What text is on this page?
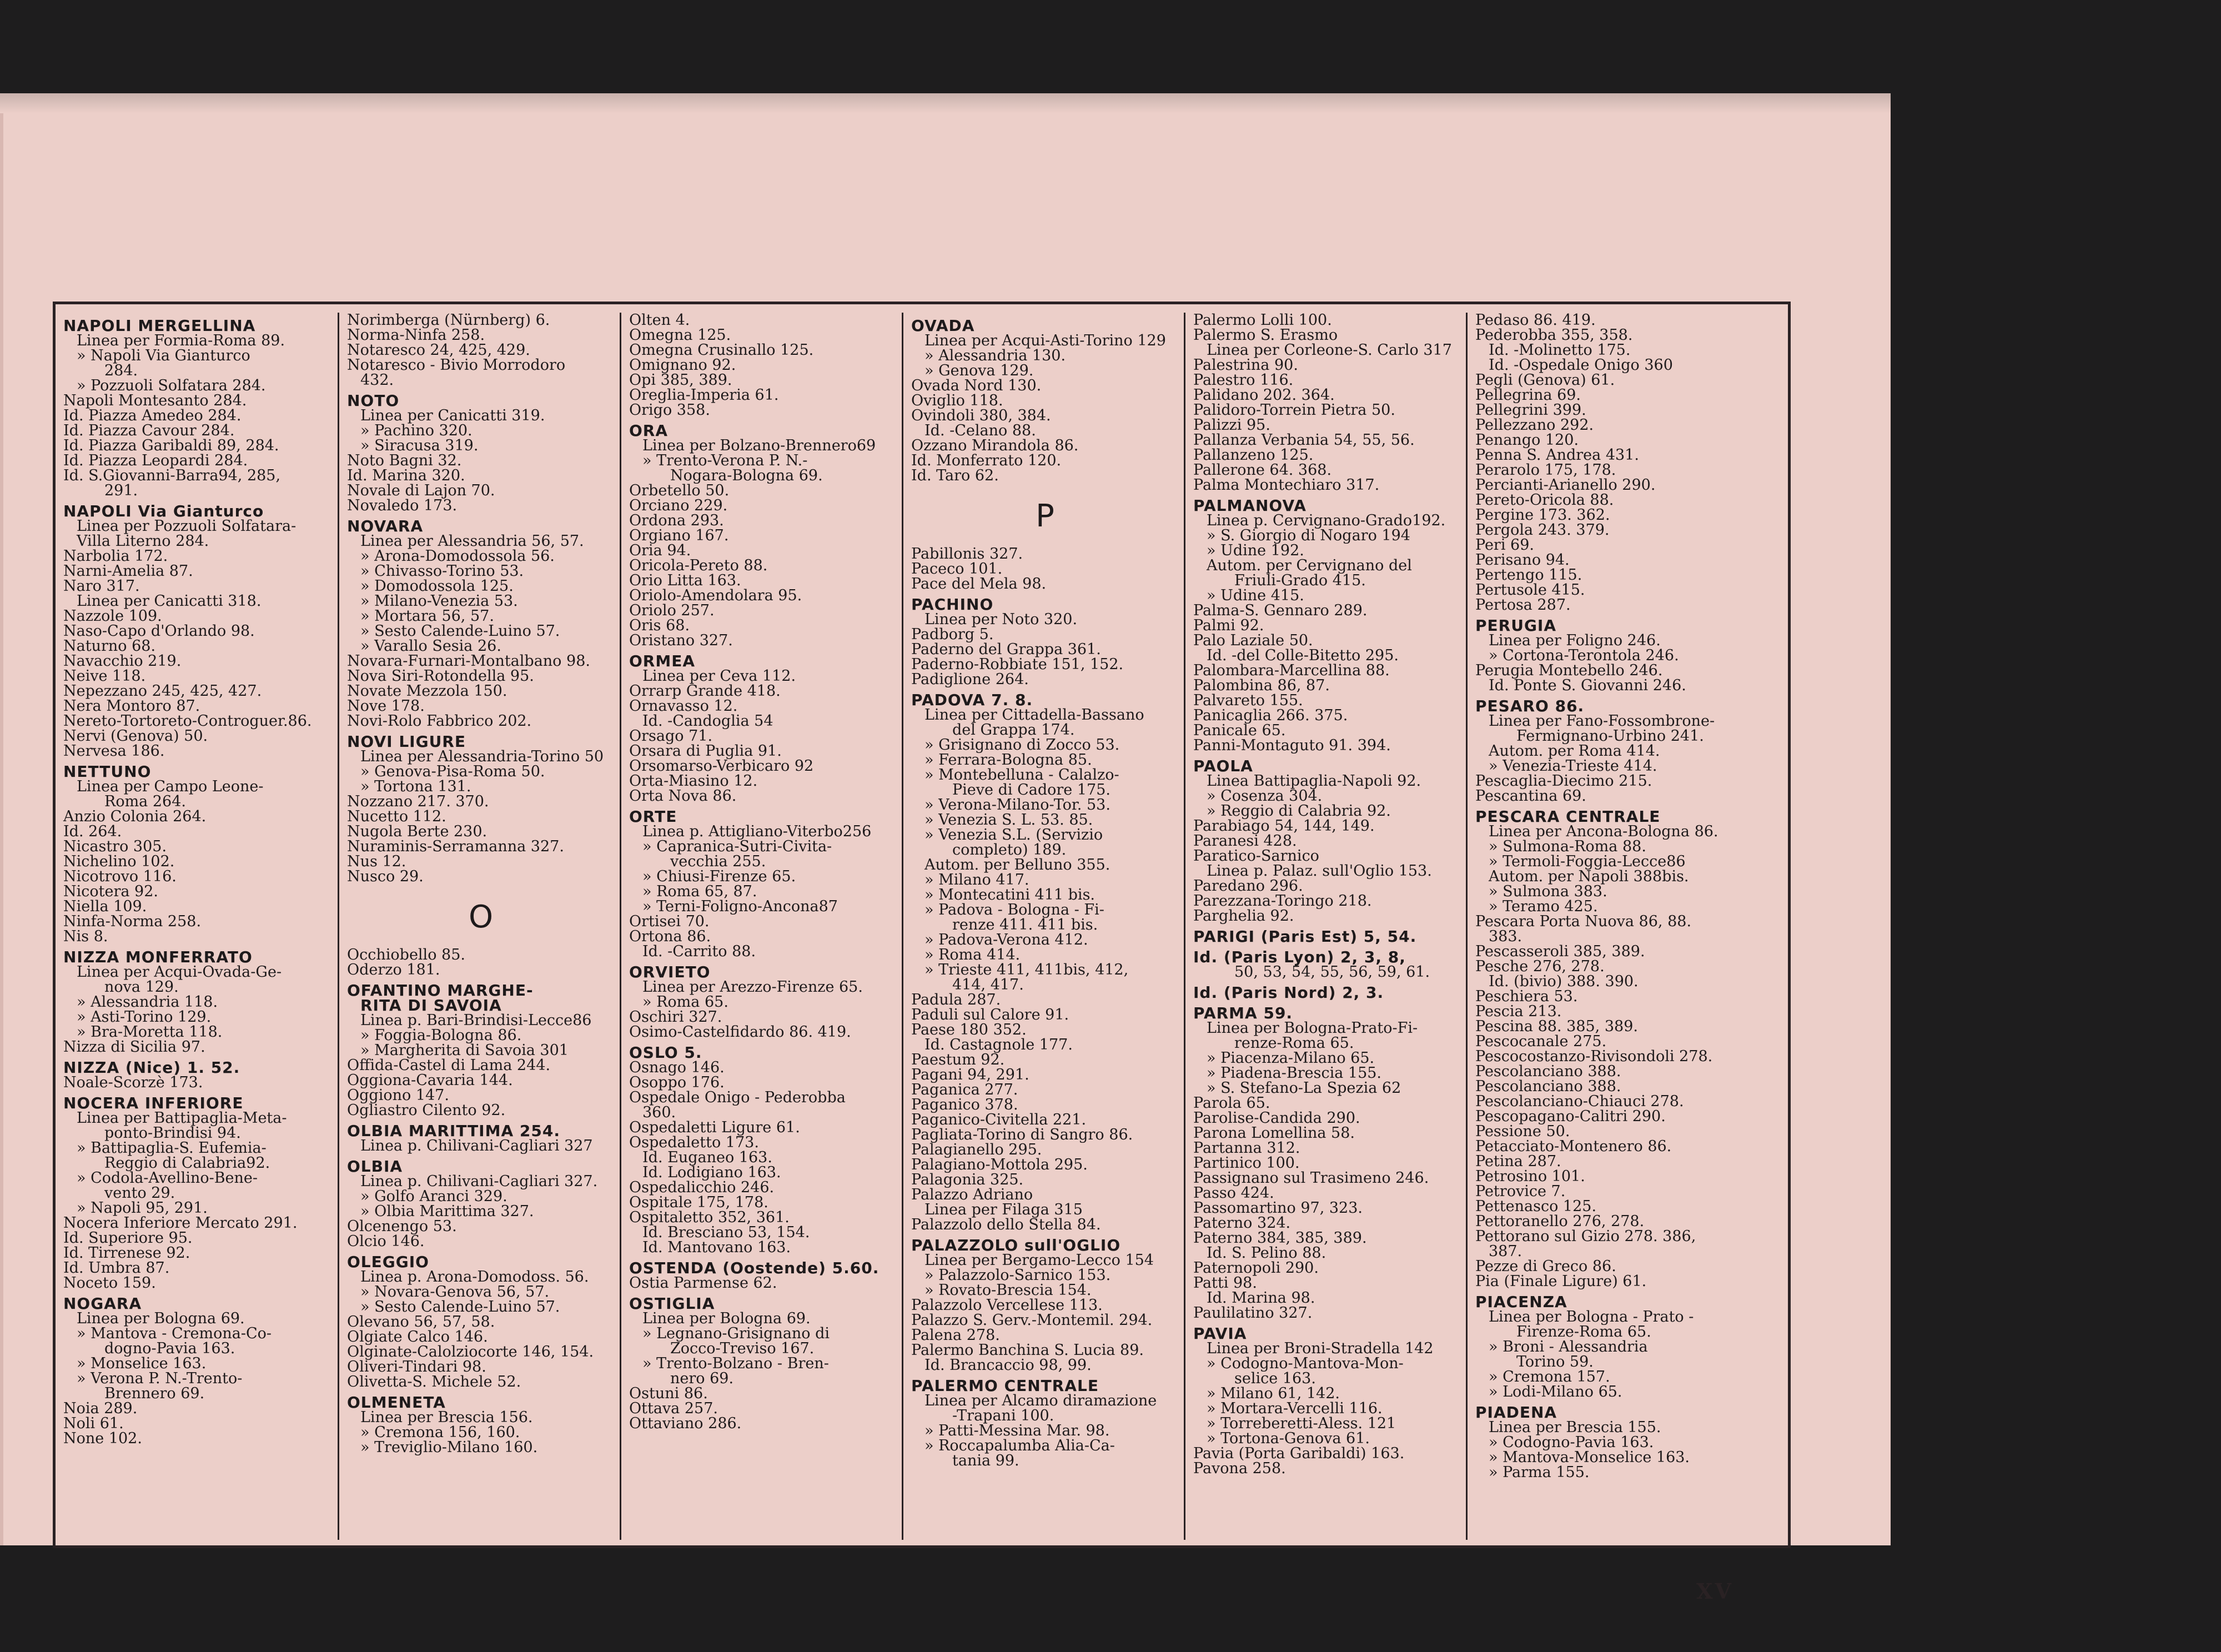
NAPOLI MERGELLINA
Linea per Formia-Roma 89.
» Napoli Via Gianturco
284.
» Pozzuoli Solfatara 284.
Napoli Montesanto 284.
Id. Piazza Amedeo 284.
Id. Piazza Cavour 284.
Id. Piazza Garibaldi 89, 284.
Id. Piazza Leopardi 284.
Id. S.Giovanni-Barra94, 285,
291.
NAPOLI Via Gianturco
Linea per Pozzuoli Solfatara-
Villa Literno 284.
Narbolia 172.
Narni-Amelia 87.
Naro 317.
Linea per Canicatti 318.
Nazzole 109.
Naso-Capo d'Orlando 98.
Naturno 68.
Navacchio 219.
Neive 118.
Nepezzano 245, 425, 427.
Nera Montoro 87.
Nereto-Tortoreto-Controguer.86.
Nervi (Genova) 50.
Nervesa 186.
NETTUNO
Linea per Campo Leone-
Roma 264.
Anzio Colonia 264.
Id. 264.
Nicastro 305.
Nichelino 102.
Nicotrovo 116.
Nicotera 92.
Niella 109.
Ninfa-Norma 258.
Nis 8.
NIZZA MONFERRATO
Linea per Acqui-Ovada-Ge-
nova 129.
» Alessandria 118.
» Asti-Torino 129.
» Bra-Moretta 118.
Nizza di Sicilia 97.
NIZZA (Nice) 1. 52.
Noale-Scorzè 173.
NOCERA INFERIORE
Linea per Battipaglia-Meta-
ponto-Brindisi 94.
» Battipaglia-S. Eufemia-
Reggio di Calabria92.
» Codola-Avellino-Bene-
vento 29.
» Napoli 95, 291.
Nocera Inferiore Mercato 291.
Id. Superiore 95.
Id. Tirrenese 92.
Id. Umbra 87.
Noceto 159.
NOGARA
Linea per Bologna 69.
» Mantova - Cremona-Co-
dogno-Pavia 163.
» Monselice 163.
» Verona P. N.-Trento-
Brennero 69.
Noia 289.
Noli 61.
None 102.
Norimberga (Nürnberg) 6.
Norma-Ninfa 258.
Notaresco 24, 425, 429.
Notaresco - Bivio Morrodoro
432.
NOTO
Linea per Canicatti 319.
» Pachino 320.
» Siracusa 319.
Noto Bagni 32.
Id. Marina 320.
Novale di Lajon 70.
Novaledo 173.
NOVARA
Linea per Alessandria 56, 57.
» Arona-Domodossola 56.
» Chivasso-Torino 53.
» Domodossola 125.
» Milano-Venezia 53.
» Mortara 56, 57.
» Sesto Calende-Luino 57.
» Varallo Sesia 26.
Novara-Furnari-Montalbano 98.
Nova Siri-Rotondella 95.
Novate Mezzola 150.
Nove 178.
Novi-Rolo Fabbrico 202.
NOVI LIGURE
Linea per Alessandria-Torino 50
» Genova-Pisa-Roma 50.
» Tortona 131.
Nozzano 217. 370.
Nucetto 112.
Nugola Berte 230.
Nuraminis-Serramanna 327.
Nus 12.
Nusco 29.
O
Occhiobello 85.
Oderzo 181.
OFANTINO MARGHE-
RITA DI SAVOIA
Linea p. Bari-Brindisi-Lecce86
» Foggia-Bologna 86.
» Margherita di Savoia 301
Offida-Castel di Lama 244.
Oggiona-Cavaria 144.
Oggiono 147.
Ogliastro Cilento 92.
OLBIA MARITTIMA 254.
Linea p. Chilivani-Cagliari 327
OLBIA
Linea p. Chilivani-Cagliari 327.
» Golfo Aranci 329.
» Olbia Marittima 327.
Olcenengo 53.
Olcio 146.
OLEGGIO
Linea p. Arona-Domodoss. 56.
» Novara-Genova 56, 57.
» Sesto Calende-Luino 57.
Olevano 56, 57, 58.
Olgiate Calco 146.
Olginate-Calolziocorte 146, 154.
Oliveri-Tindari 98.
Olivetta-S. Michele 52.
OLMENETA
Linea per Brescia 156.
» Cremona 156, 160.
» Treviglio-Milano 160.
Olten 4.
Omegna 125.
Omegna Crusinallo 125.
Omignano 92.
Opi 385, 389.
Oreglia-Imperia 61.
Origo 358.
ORA
Linea per Bolzano-Brennero69
» Trento-Verona P. N.-
Nogara-Bologna 69.
Orbetello 50.
Orciano 229.
Ordona 293.
Orgiano 167.
Oria 94.
Oricola-Pereto 88.
Orio Litta 163.
Oriolo-Amendolara 95.
Oriolo 257.
Oris 68.
Oristano 327.
ORMEA
Linea per Ceva 112.
Orrarp Grande 418.
Ornavasso 12.
Id. -Candoglia 54
Orsago 71.
Orsara di Puglia 91.
Orsomarso-Verbicaro 92
Orta-Miasino 12.
Orta Nova 86.
ORTE
Linea p. Attigliano-Viterbo256
» Capranica-Sutri-Civita-
vecchia 255.
» Chiusi-Firenze 65.
» Roma 65, 87.
» Terni-Foligno-Ancona87
Ortisei 70.
Ortona 86.
Id. -Carrito 88.
ORVIETO
Linea per Arezzo-Firenze 65.
» Roma 65.
Oschiri 327.
Osimo-Castelfidardo 86. 419.
OSLO 5.
Osnago 146.
Osoppo 176.
Ospedale Onigo - Pederobba
360.
Ospedaletti Ligure 61.
Ospedaletto 173.
Id. Euganeo 163.
Id. Lodigiano 163.
Ospedalicchio 246.
Ospitale 175, 178.
Ospitaletto 352, 361.
Id. Bresciano 53, 154.
Id. Mantovano 163.
OSTENDA (Oostende) 5.60.
Ostia Parmense 62.
OSTIGLIA
Linea per Bologna 69.
» Legnano-Grisignano di
Zocco-Treviso 167.
» Trento-Bolzano - Bren-
nero 69.
Ostuni 86.
Ottava 257.
Ottaviano 286.
OVADA
Linea per Acqui-Asti-Torino 129
» Alessandria 130.
» Genova 129.
Ovada Nord 130.
Oviglio 118.
Ovindoli 380, 384.
Id. -Celano 88.
Ozzano Mirandola 86.
Id. Monferrato 120.
Id. Taro 62.
P
Pabillonis 327.
Paceco 101.
Pace del Mela 98.
PACHINO
Linea per Noto 320.
Padborg 5.
Paderno del Grappa 361.
Paderno-Robbiate 151, 152.
Padiglione 264.
PADOVA 7. 8.
Linea per Cittadella-Bassano
del Grappa 174.
» Grisignano di Zocco 53.
» Ferrara-Bologna 85.
» Montebelluna - Calalzo-
Pieve di Cadore 175.
» Verona-Milano-Tor. 53.
» Venezia S. L. 53. 85.
» Venezia S.L. (Servizio
completo) 189.
Autom. per Belluno 355.
» Milano 417.
» Montecatini 411 bis.
» Padova - Bologna - Fi-
renze 411. 411 bis.
» Padova-Verona 412.
» Roma 414.
» Trieste 411, 411bis, 412,
414, 417.
Padula 287.
Paduli sul Calore 91.
Paese 180 352.
Id. Castagnole 177.
Paestum 92.
Pagani 94, 291.
Paganica 277.
Paganico 378.
Paganico-Civitella 221.
Pagliata-Torino di Sangro 86.
Palagianello 295.
Palagiano-Mottola 295.
Palagonia 325.
Palazzo Adriano
Linea per Filaga 315
Palazzolo dello Stella 84.
PALAZZOLO sull'OGLIO
Linea per Bergamo-Lecco 154
» Palazzolo-Sarnico 153.
» Rovato-Brescia 154.
Palazzolo Vercellese 113.
Palazzo S. Gerv.-Montemil. 294.
Palena 278.
Palermo Banchina S. Lucia 89.
Id. Brancaccio 98, 99.
PALERMO CENTRALE
Linea per Alcamo diramazione
-Trapani 100.
» Patti-Messina Mar. 98.
» Roccapalumba Alia-Ca-
tania 99.
Palermo Lolli 100.
Palermo S. Erasmo
Linea per Corleone-S. Carlo 317
Palestrina 90.
Palestro 116.
Palidano 202. 364.
Palidoro-Torrein Pietra 50.
Palizzi 95.
Pallanza Verbania 54, 55, 56.
Pallanzeno 125.
Pallerone 64. 368.
Palma Montechiaro 317.
PALMANOVA
Linea p. Cervignano-Grado192.
» S. Giorgio di Nogaro 194
» Udine 192.
Autom. per Cervignano del
Friuli-Grado 415.
» Udine 415.
Palma-S. Gennaro 289.
Palmi 92.
Palo Laziale 50.
Id. -del Colle-Bitetto 295.
Palombara-Marcellina 88.
Palombina 86, 87.
Palvareto 155.
Panicaglia 266. 375.
Panicale 65.
Panni-Montaguto 91. 394.
PAOLA
Linea Battipaglia-Napoli 92.
» Cosenza 304.
» Reggio di Calabria 92.
Parabiago 54, 144, 149.
Paranesi 428.
Paratico-Sarnico
Linea p. Palaz. sull'Oglio 153.
Paredano 296.
Parezzana-Toringo 218.
Parghelia 92.
PARIGI (Paris Est) 5, 54.
Id. (Paris Lyon) 2, 3, 8,
50, 53, 54, 55, 56, 59, 61.
Id. (Paris Nord) 2, 3.
PARMA 59.
Linea per Bologna-Prato-Fi-
renze-Roma 65.
» Piacenza-Milano 65.
» Piadena-Brescia 155.
» S. Stefano-La Spezia 62
Parola 65.
Parolise-Candida 290.
Parona Lomellina 58.
Partanna 312.
Partinico 100.
Passignano sul Trasimeno 246.
Passo 424.
Passomartino 97, 323.
Paterno 324.
Paterno 384, 385, 389.
Id. S. Pelino 88.
Paternopoli 290.
Patti 98.
Id. Marina 98.
Paulilatino 327.
PAVIA
Linea per Broni-Stradella 142
» Codogno-Mantova-Mon-
selice 163.
» Milano 61, 142.
» Mortara-Vercelli 116.
» Torreberetti-Aless. 121
» Tortona-Genova 61.
Pavia (Porta Garibaldi) 163.
Pavona 258.
Pedaso 86. 419.
Pederobba 355, 358.
Id. -Molinetto 175.
Id. -Ospedale Onigo 360
Pegli (Genova) 61.
Pellegrina 69.
Pellegrini 399.
Pellezzano 292.
Penango 120.
Penna S. Andrea 431.
Perarolo 175, 178.
Percianti-Arianello 290.
Pereto-Oricola 88.
Pergine 173. 362.
Pergola 243. 379.
Peri 69.
Perisano 94.
Pertengo 115.
Pertusole 415.
Pertosa 287.
PERUGIA
Linea per Foligno 246.
» Cortona-Terontola 246.
Perugia Montebello 246.
Id. Ponte S. Giovanni 246.
PESARO 86.
Linea per Fano-Fossombrone-
Fermignano-Urbino 241.
Autom. per Roma 414.
» Venezia-Trieste 414.
Pescaglia-Diecimo 215.
Pescantina 69.
PESCARA CENTRALE
Linea per Ancona-Bologna 86.
» Sulmona-Roma 88.
» Termoli-Foggia-Lecce86
Autom. per Napoli 388bis.
» Sulmona 383.
» Teramo 425.
Pescara Porta Nuova 86, 88.
383.
Pescasseroli 385, 389.
Pesche 276, 278.
Id. (bivio) 388. 390.
Peschiera 53.
Pescia 213.
Pescina 88. 385, 389.
Pescocanale 275.
Pescocostanzo-Rivisondoli 278.
Pescolanciano 388.
Pescolanciano 388.
Pescolanciano-Chiauci 278.
Pescopagano-Calitri 290.
Pessione 50.
Petacciato-Montenero 86.
Petina 287.
Petrosino 101.
Petrovice 7.
Pettenasco 125.
Pettoranello 276, 278.
Pettorano sul Gizio 278. 386,
387.
Pezze di Greco 86.
Pia (Finale Ligure) 61.
PIACENZA
Linea per Bologna - Prato -
Firenze-Roma 65.
» Broni - Alessandria
Torino 59.
» Cremona 157.
» Lodi-Milano 65.
PIADENA
Linea per Brescia 155.
» Codogno-Pavia 163.
» Mantova-Monselice 163.
» Parma 155.
XV
